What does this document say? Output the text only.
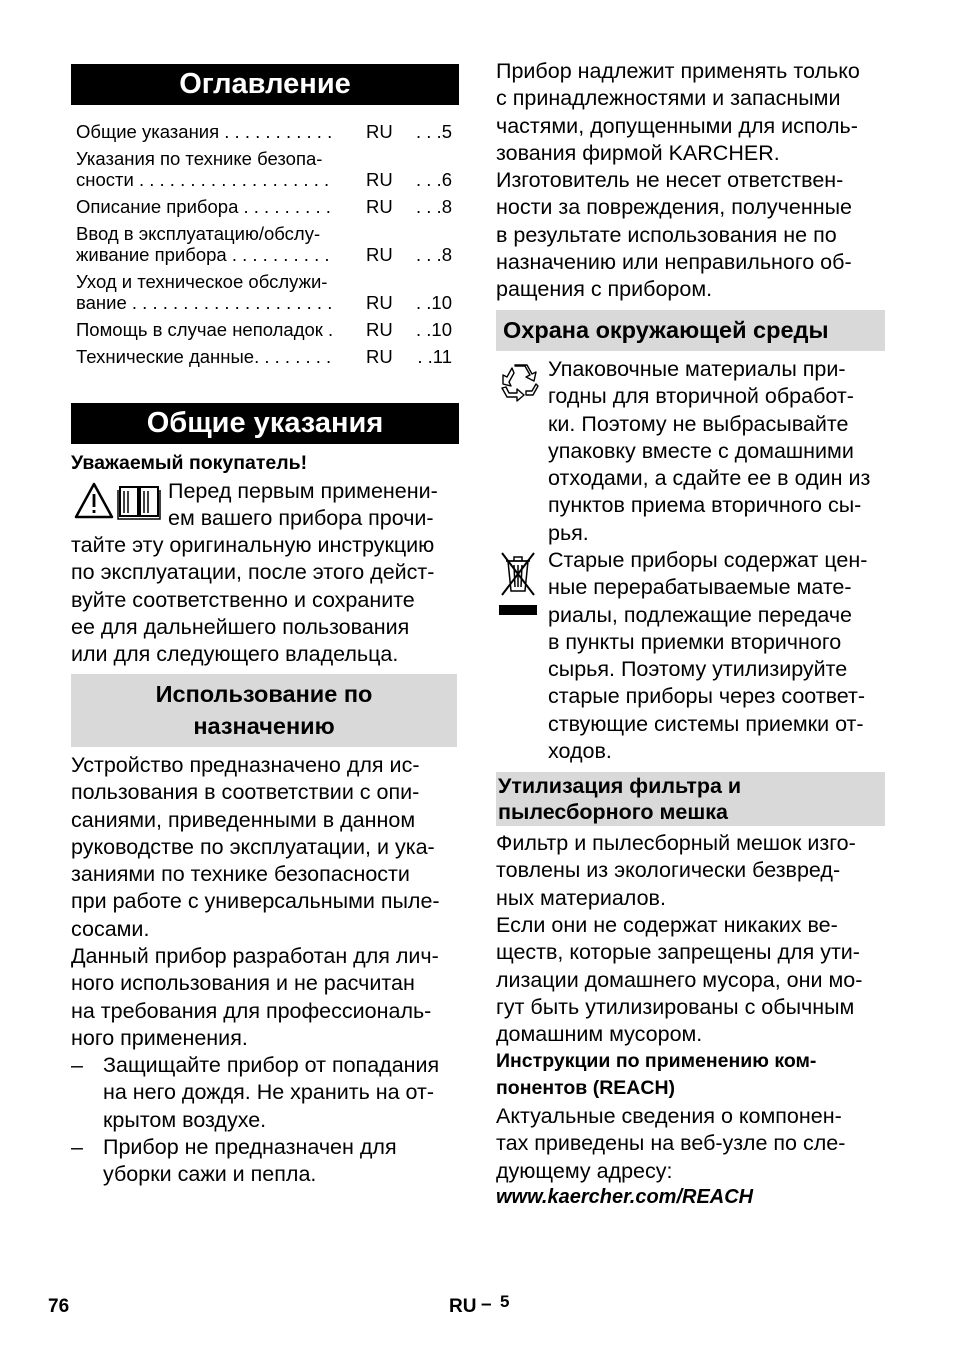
Оглавление
Общие указания . . . . . . . . . . . RU . . .5
Указания по технике безопа-
сности . . . . . . . . . . . . . . . . . . . RU . . .6
Описание прибора . . . . . . . . . RU . . .8
Ввод в эксплуатацию/обслу-
живание прибора . . . . . . . . . . RU . . .8
Уход и техническое обслужи-
вание . . . . . . . . . . . . . . . . . . . . RU . .10
Помощь в случае неполадок . RU . .10
Технические данные. . . . . . . . RU . .11
Общие указания
Уважаемый покупатель!
Перед первым применени-
ем вашего прибора прочи-
тайте эту оригинальную инструкцию
по эксплуатации, после этого дейст-
вуйте соответственно и сохраните
ее для дальнейшего пользования
или для следующего владельца.
Использование по
назначению
Устройство предназначено для ис-
пользования в соответствии с опи-
саниями, приведенными в данном
руководстве по эксплуатации, и ука-
заниями по технике безопасности
при работе с универсальными пыле-
сосами.
Данный прибор разработан для лич-
ного использования и не расчитан
на требования для профессиональ-
ного применения.
– Защищайте прибор от попадания
на него дождя. Не хранить на от-
крытом воздухе.
– Прибор не предназначен для
уборки сажи и пепла.
Прибор надлежит применять только
с принадлежностями и запасными
частями, допущенными для исполь-
зования фирмой KARCHER.
Изготовитель не несет ответствен-
ности за повреждения, полученные
в результате использования не по
назначению или неправильного об-
ращения с прибором.
Охрана окружающей среды
Упаковочные материалы при-
годны для вторичной обработ-
ки. Поэтому не выбрасывайте
упаковку вместе с домашними
отходами, а сдайте ее в один из
пунктов приема вторичного сы-
рья.
Старые приборы содержат цен-
ные перерабатываемые мате-
риалы, подлежащие передаче
в пункты приемки вторичного
сырья. Поэтому утилизируйте
старые приборы через соответ-
ствующие системы приемки от-
ходов.
Утилизация фильтра и
пылесборного мешка
Фильтр и пылесборный мешок изго-
товлены из экологически безвред-
ных материалов.
Если они не содержат никаких ве-
ществ, которые запрещены для ути-
лизации домашнего мусора, они мо-
гут быть утилизированы с обычным
домашним мусором.
Инструкции по применению ком-
понентов (REACH)
Актуальные сведения о компонен-
тах приведены на веб-узле по сле-
дующему адресу:
www.kaercher.com/REACH
76	RU – 5
